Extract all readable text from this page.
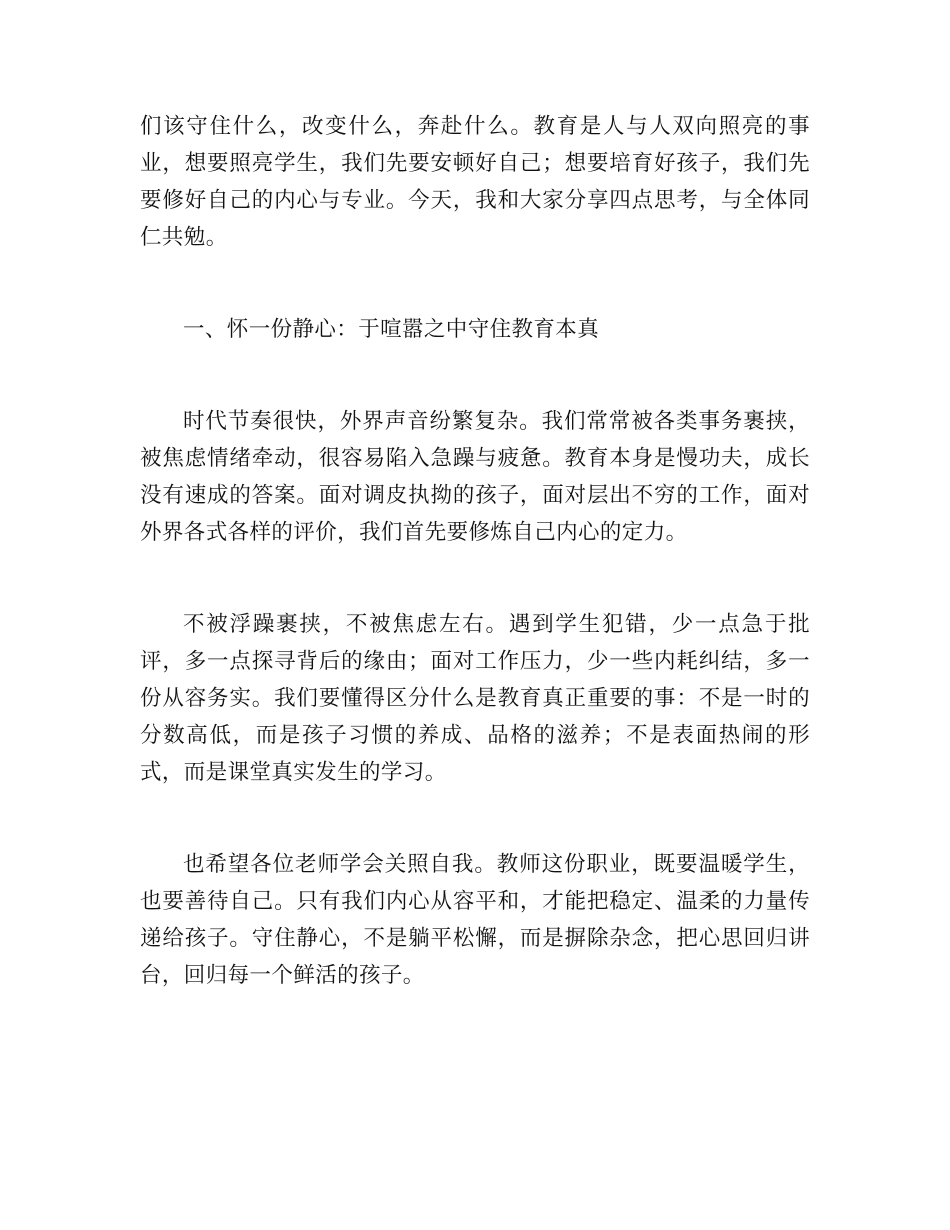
们该守住什么，改变什么，奔赴什么。教育是人与人双向照亮的事业，想要照亮学生，我们先要安顿好自己；想要培育好孩子，我们先要修好自己的内心与专业。今天，我和大家分享四点思考，与全体同仁共勉。

一、怀一份静心：于喧嚣之中守住教育本真

时代节奏很快，外界声音纷繁复杂。我们常常被各类事务裹挟，被焦虑情绪牵动，很容易陷入急躁与疲惫。教育本身是慢功夫，成长没有速成的答案。面对调皮执拗的孩子，面对层出不穷的工作，面对外界各式各样的评价，我们首先要修炼自己内心的定力。

不被浮躁裹挟，不被焦虑左右。遇到学生犯错，少一点急于批评，多一点探寻背后的缘由；面对工作压力，少一些内耗纠结，多一份从容务实。我们要懂得区分什么是教育真正重要的事：不是一时的分数高低，而是孩子习惯的养成、品格的滋养；不是表面热闹的形式，而是课堂真实发生的学习。

也希望各位老师学会关照自我。教师这份职业，既要温暖学生，也要善待自己。只有我们内心从容平和，才能把稳定、温柔的力量传递给孩子。守住静心，不是躺平松懈，而是摒除杂念，把心思回归讲台，回归每一个鲜活的孩子。
